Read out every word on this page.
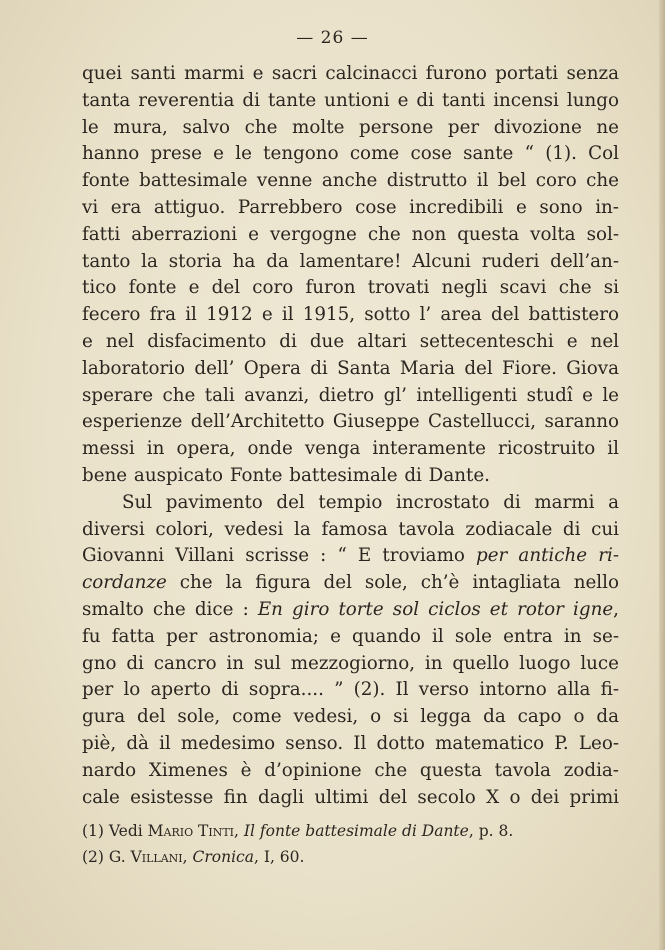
— 26 —
quei santi marmi e sacri calcinacci furono portati senza
tanta reverentia di tante untioni e di tanti incensi lungo
le mura, salvo che molte persone per divozione ne
hanno prese e le tengono come cose sante “ (1). Col
fonte battesimale venne anche distrutto il bel coro che
vi era attiguo. Parrebbero cose incredibili e sono in-
fatti aberrazioni e vergogne che non questa volta sol-
tanto la storia ha da lamentare! Alcuni ruderi dell’an-
tico fonte e del coro furon trovati negli scavi che si
fecero fra il 1912 e il 1915, sotto l’ area del battistero
e nel disfacimento di due altari settecenteschi e nel
laboratorio dell’ Opera di Santa Maria del Fiore. Giova
sperare che tali avanzi, dietro gl’ intelligenti studî e le
esperienze dell’Architetto Giuseppe Castellucci, saranno
messi in opera, onde venga interamente ricostruito il
bene auspicato Fonte battesimale di Dante.
Sul pavimento del tempio incrostato di marmi a
diversi colori, vedesi la famosa tavola zodiacale di cui
Giovanni Villani scrisse : “ E troviamo per antiche ri-
cordanze che la figura del sole, ch’è intagliata nello
smalto che dice : En giro torte sol ciclos et rotor igne,
fu fatta per astronomia; e quando il sole entra in se-
gno di cancro in sul mezzogiorno, in quello luogo luce
per lo aperto di sopra.... ” (2). Il verso intorno alla fi-
gura del sole, come vedesi, o si legga da capo o da
piè, dà il medesimo senso. Il dotto matematico P. Leo-
nardo Ximenes è d’opinione che questa tavola zodia-
cale esistesse fin dagli ultimi del secolo X o dei primi
(1) Vedi Mario Tinti, Il fonte battesimale di Dante, p. 8.
(2) G. Villani, Cronica, I, 60.
